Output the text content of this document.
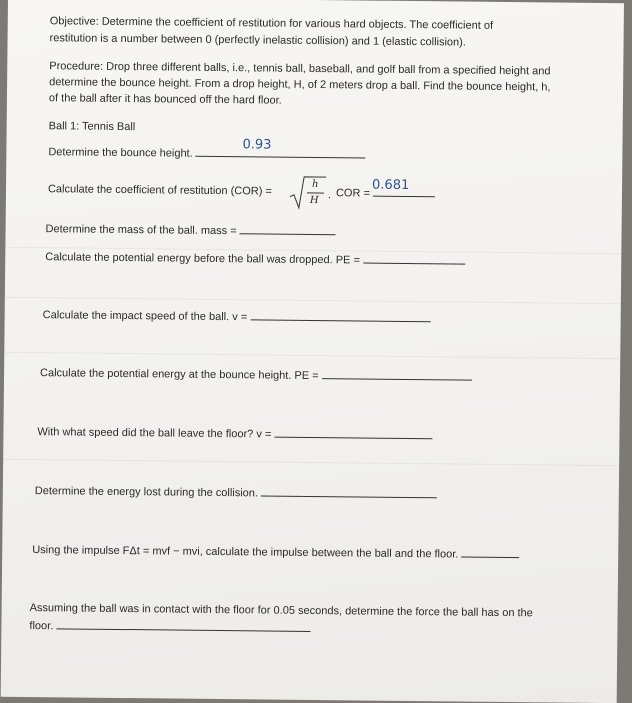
Objective: Determine the coefficient of restitution for various hard objects. The coefficient of
restitution is a number between 0 (perfectly inelastic collision) and 1 (elastic collision).
Procedure: Drop three different balls, i.e., tennis ball, baseball, and golf ball from a specified height and
determine the bounce height. From a drop height, H, of 2 meters drop a ball. Find the bounce height, h,
of the ball after it has bounced off the hard floor.
Ball 1: Tennis Ball
Determine the bounce height.
0.93
Calculate the coefficient of restitution (COR) =	h
H . COR =
0.681
Determine the mass of the ball. mass =
Calculate the potential energy before the ball was dropped. PE =
Calculate the impact speed of the ball. v =
Calculate the potential energy at the bounce height. PE =
With what speed did the ball leave the floor? v =
Determine the energy lost during the collision.
Using the impulse FΔt = mvf − mvi, calculate the impulse between the ball and the floor.
Assuming the ball was in contact with the floor for 0.05 seconds, determine the force the ball has on the
floor.
